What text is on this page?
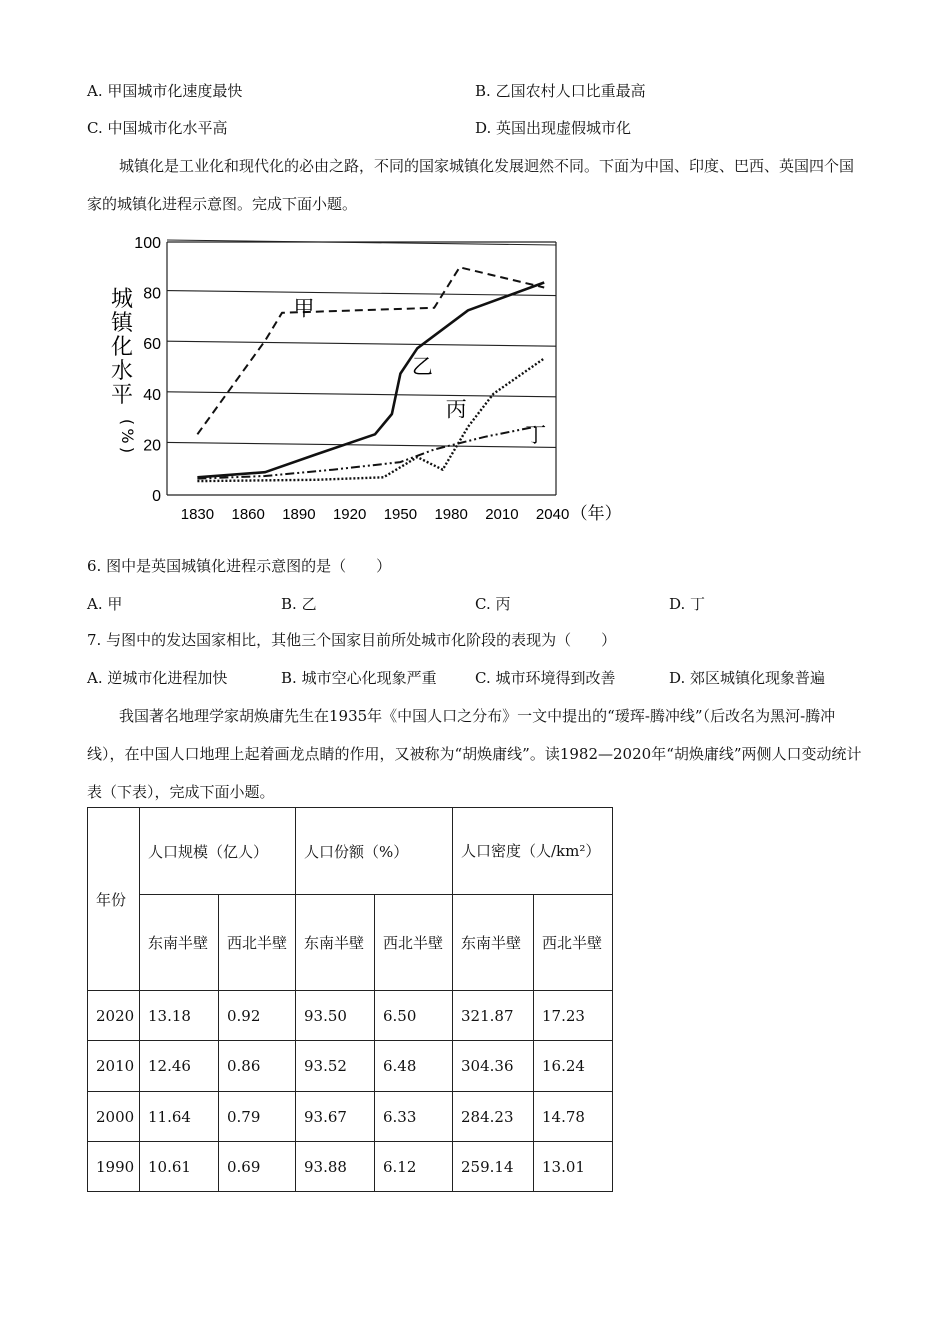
A. 甲国城市化速度最快	B. 乙国农村人口比重最高
C. 中国城市化水平高	D. 英国出现虚假城市化
城镇化是工业化和现代化的必由之路，不同的国家城镇化发展迥然不同。下面为中国、印度、巴西、英国四个国家的城镇化进程示意图。完成下面小题。
0
20
40
60
80
100
1830 1860 1890 1920 1950 1980 2010 2040 （年）
城
镇
化
水
平
(
%
)
甲
乙
丙
丁
6. 图中是英国城镇化进程示意图的是（　　）
A. 甲	B. 乙	C. 丙	D. 丁
7. 与图中的发达国家相比，其他三个国家目前所处城市化阶段的表现为（　　）
A. 逆城市化进程加快	B. 城市空心化现象严重	C. 城市环境得到改善	D. 郊区城镇化现象普遍
我国著名地理学家胡焕庸先生在1935年《中国人口之分布》一文中提出的“瑷珲-腾冲线”（后改名为黑河-腾冲线），在中国人口地理上起着画龙点睛的作用，又被称为“胡焕庸线”。读1982—2020年“胡焕庸线”两侧人口变动统计表（下表），完成下面小题。
年份	人口规模（亿人）		人口份额（%）		人口密度（人/km²）	
	东南半壁	西北半壁	东南半壁	西北半壁	东南半壁	西北半壁
2020	13.18	0.92	93.50	6.50	321.87	17.23
2010	12.46	0.86	93.52	6.48	304.36	16.24
2000	11.64	0.79	93.67	6.33	284.23	14.78
1990	10.61	0.69	93.88	6.12	259.14	13.01
